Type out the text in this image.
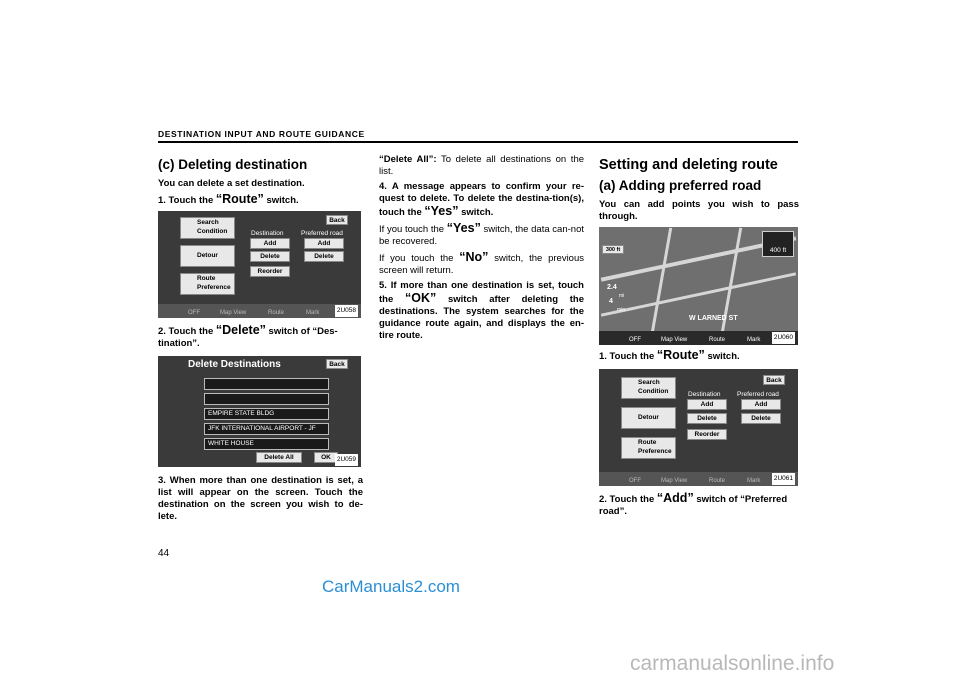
DESTINATION INPUT AND ROUTE GUIDANCE
(c) Deleting destination
You can delete a set destination.
1. Touch the “Route” switch.
Search
Condition
Detour
Route
Preference
Back
Destination	Preferred road
Add
Delete
Reorder
Add
Delete
OFF	Map View	Route	Mark	2U058
2. Touch the “Delete” switch of “Des-tination”.
Delete Destinations	Back
EMPIRE STATE BLDG
JFK INTERNATIONAL AIRPORT - JF
WHITE HOUSE
Delete All	OK 2U059
3. When more than one destination is set, a list will appear on the screen. Touch the destination on the screen you wish to de-lete.
“Delete All”: To delete all destinations on the list.
4. A message appears to confirm your re-quest to delete. To delete the destina-tion(s), touch the “Yes” switch.
If you touch the “Yes” switch, the data can-not be recovered.
If you touch the “No” switch, the previous screen will return.
5. If more than one destination is set, touch the “OK” switch after deleting the destinations. The system searches for the guidance route again, and displays the en-tire route.
Setting and deleting route
(a) Adding preferred road
You can add points you wish to pass through.
300 ft	400 ft
2.4
mi
4
min
W LARNED ST
OFF	Map View	Route	Mark	2U060
1. Touch the “Route” switch.
Search
Condition
Detour
Route
Preference
Back
Destination	Preferred road
Add
Delete
Reorder
Add
Delete
OFF	Map View	Route	Mark	2U061
2. Touch the “Add” switch of “Preferred road”.
44
CarManuals2.com
carmanualsonline.info
